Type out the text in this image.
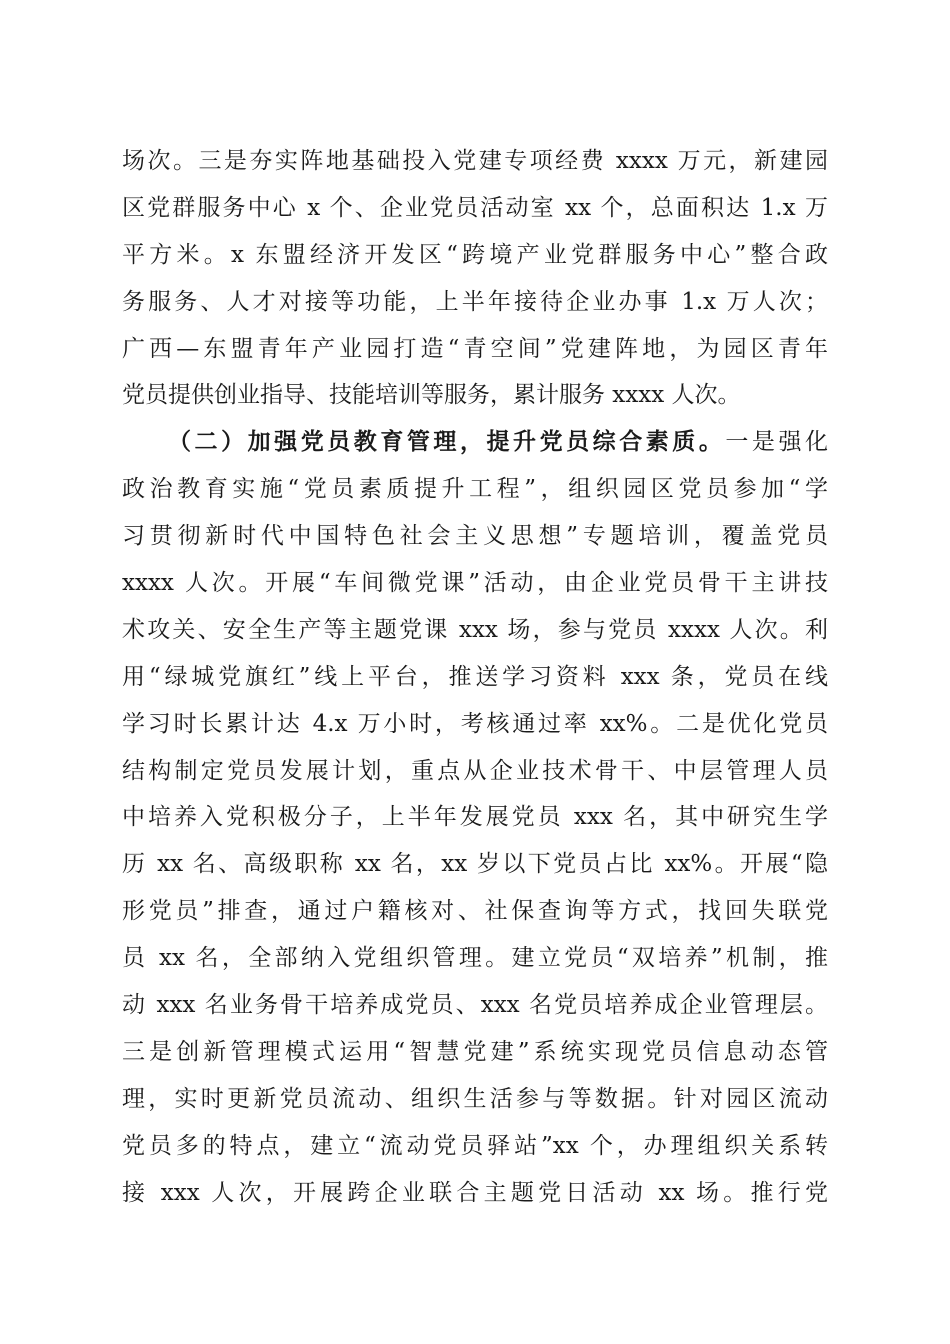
场次。三是夯实阵地基础投入党建专项经费 xxxx 万元，新建园
区党群服务中心 x 个、企业党员活动室 xx 个，总面积达 1.x 万
平方米。x 东盟经济开发区“跨境产业党群服务中心”整合政
务服务、人才对接等功能，上半年接待企业办事 1.x 万人次；
广西—东盟青年产业园打造“青空间”党建阵地，为园区青年
党员提供创业指导、技能培训等服务，累计服务 xxxx 人次。
（二）加强党员教育管理，提升党员综合素质。一是强化
政治教育实施“党员素质提升工程”，组织园区党员参加“学
习贯彻新时代中国特色社会主义思想”专题培训，覆盖党员
xxxx 人次。开展“车间微党课”活动，由企业党员骨干主讲技
术攻关、安全生产等主题党课 xxx 场，参与党员 xxxx 人次。利
用“绿城党旗红”线上平台，推送学习资料 xxx 条，党员在线
学习时长累计达 4.x 万小时，考核通过率 xx%。二是优化党员
结构制定党员发展计划，重点从企业技术骨干、中层管理人员
中培养入党积极分子，上半年发展党员 xxx 名，其中研究生学
历 xx 名、高级职称 xx 名，xx 岁以下党员占比 xx%。开展“隐
形党员”排查，通过户籍核对、社保查询等方式，找回失联党
员 xx 名，全部纳入党组织管理。建立党员“双培养”机制，推
动 xxx 名业务骨干培养成党员、xxx 名党员培养成企业管理层。
三是创新管理模式运用“智慧党建”系统实现党员信息动态管
理，实时更新党员流动、组织生活参与等数据。针对园区流动
党员多的特点，建立“流动党员驿站”xx 个，办理组织关系转
接 xxx 人次，开展跨企业联合主题党日活动 xx 场。推行党
